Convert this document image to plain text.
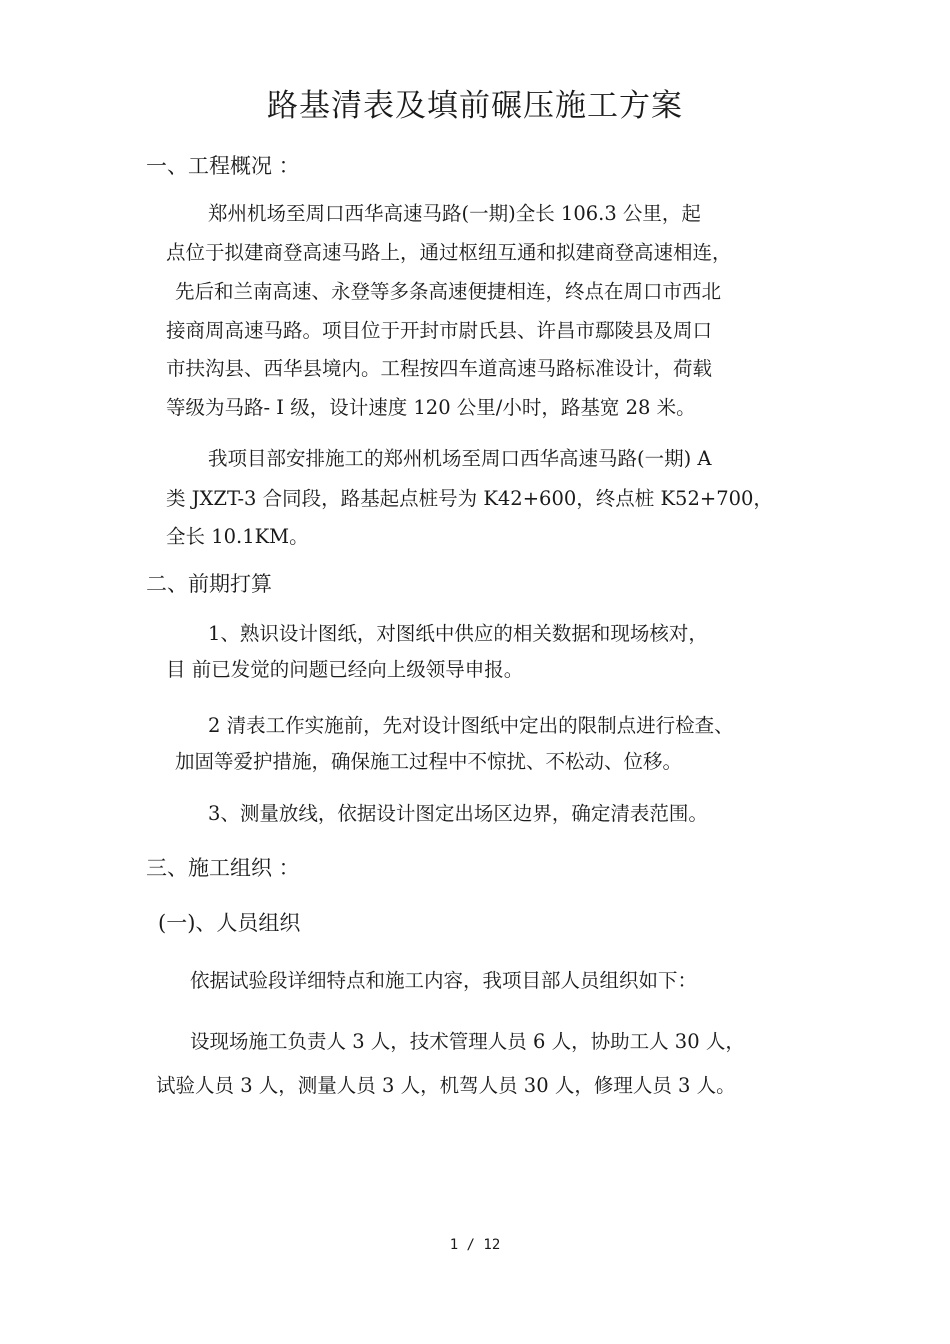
路基清表及填前碾压施工方案
一、工程概况 ：
郑州机场至周口西华高速马路(一期)全长 106.3 公里，起
点位于拟建商登高速马路上，通过枢纽互通和拟建商登高速相连，
先后和兰南高速、永登等多条高速便捷相连，终点在周口市西北
接商周高速马路。项目位于开封市尉氏县、许昌市鄢陵县及周口
市扶沟县、西华县境内。工程按四车道高速马路标准设计，荷载
等级为马路- Ⅰ 级，设计速度 120 公里/小时，路基宽 28 米。
我项目部安排施工的郑州机场至周口西华高速马路(一期) A
类 JXZT-3 合同段，路基起点桩号为 K42+600，终点桩 K52+700，
全长 10.1KM。
二、前期打算
1、熟识设计图纸，对图纸中供应的相关数据和现场核对，
目 前已发觉的问题已经向上级领导申报。
2 清表工作实施前，先对设计图纸中定出的限制点进行检查、
加固等爱护措施，确保施工过程中不惊扰、不松动、位移。
3、测量放线，依据设计图定出场区边界，确定清表范围。
三、施工组织 ：
(一)、人员组织
依据试验段详细特点和施工内容，我项目部人员组织如下：
设现场施工负责人 3 人，技术管理人员 6 人，协助工人 30 人，
试验人员 3 人，测量人员 3 人，机驾人员 30 人，修理人员 3 人。
1 / 12
